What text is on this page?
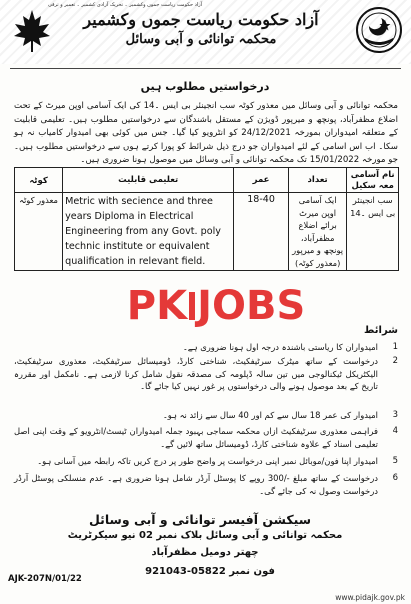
آزاد حکومت ریاست جموں وکشمیر ۔ تحریک آزادی کشمیر ۔ تعمیر و ترقی
آزاد حکومت ریاست جموں وکشمیر
محکمہ توانائی و آبی وسائل
درخواستیں مطلوب ہیں
محکمہ توانائی و آبی وسائل میں معذور کوٹہ سب انجینئر بی ایس ۔14 کی ایک آسامی اوپن میرٹ کے تحت اضلاع مظفرآباد، پونچھ و میرپور ڈویژن کے مستقل باشندگان سے درخواستیں مطلوب ہیں۔ تعلیمی قابلیت کے متعلقہ امیدواران بمورخہ 24/12/2021 کو انٹرویو کیا گیا۔ جس میں کوئی بھی امیدوار کامیاب نہ ہو سکا۔ اب اس اسامی کے لئے امیدواران جو درج ذیل شرائط کو پورا کرتے ہوں سے درخواستیں مطلوب ہیں۔ جو مورخہ 15/01/2022 تک محکمہ توانائی و آبی وسائل میں موصول ہونا ضروری ہیں۔
کوٹہ	تعلیمی قابلیت	عمر	تعداد	نام آسامی معہ سکیل
معذور کوٹہ	Metric with secience and three years Diploma in Electrical Engineering from any Govt. poly technic institute or equivalent qualification in relevant field.	18-40	ایک آسامی اوپن میرٹ برائے اضلاع مظفرآباد، پونچھ و میرپور (معذور کوٹہ)	سب انجینئر بی ایس ۔14
PK JOBS
شرائط
1
امیدواران کا ریاستی باشندہ درجہ اول ہونا ضروری ہے۔
2
درخواست کے ساتھ میٹرک سرٹیفکیٹ، شناختی کارڈ، ڈومیسائل سرٹیفکیٹ، معذوری سرٹیفکیٹ، الیکٹریکل ٹیکنالوجی میں تین سالہ ڈپلومہ کی مصدقہ نقول شامل کرنا لازمی ہے۔ نامکمل اور مقررہ تاریخ کے بعد موصول ہونے والی درخواستوں پر غور نہیں کیا جائے گا۔
3
امیدوار کی عمر 18 سال سے کم اور 40 سال سے زائد نہ ہو۔
4
فراہمی معذوری سرٹیفکیٹ ازاں محکمہ سماجی بہبود جملہ امیدواران ٹیسٹ/انٹرویو کے وقت اپنی اصل تعلیمی اسناد کے علاوہ شناختی کارڈ، ڈومیسائل ساتھ لائیں گے۔
5
امیدوار اپنا فون/موبائل نمبر اپنی درخواست پر واضح طور پر درج کریں تاکہ رابطہ میں آسانی ہو۔
6
درخواست کے ساتھ مبلغ -/300 روپے کا پوسٹل آرڈر شامل ہونا ضروری ہے۔ عدم منسلکی پوسٹل آرڈر درخواست وصول نہ کی جائے گی۔
سیکشن آفیسر توانائی و آبی وسائل
محکمہ توانائی و آبی وسائل بلاک نمبر 02 نیو سیکرٹریٹ
چھتر دومیل مظفرآباد
فون نمبر 05822-921043
AJK-207N/01/22
www.pidajk.gov.pk
